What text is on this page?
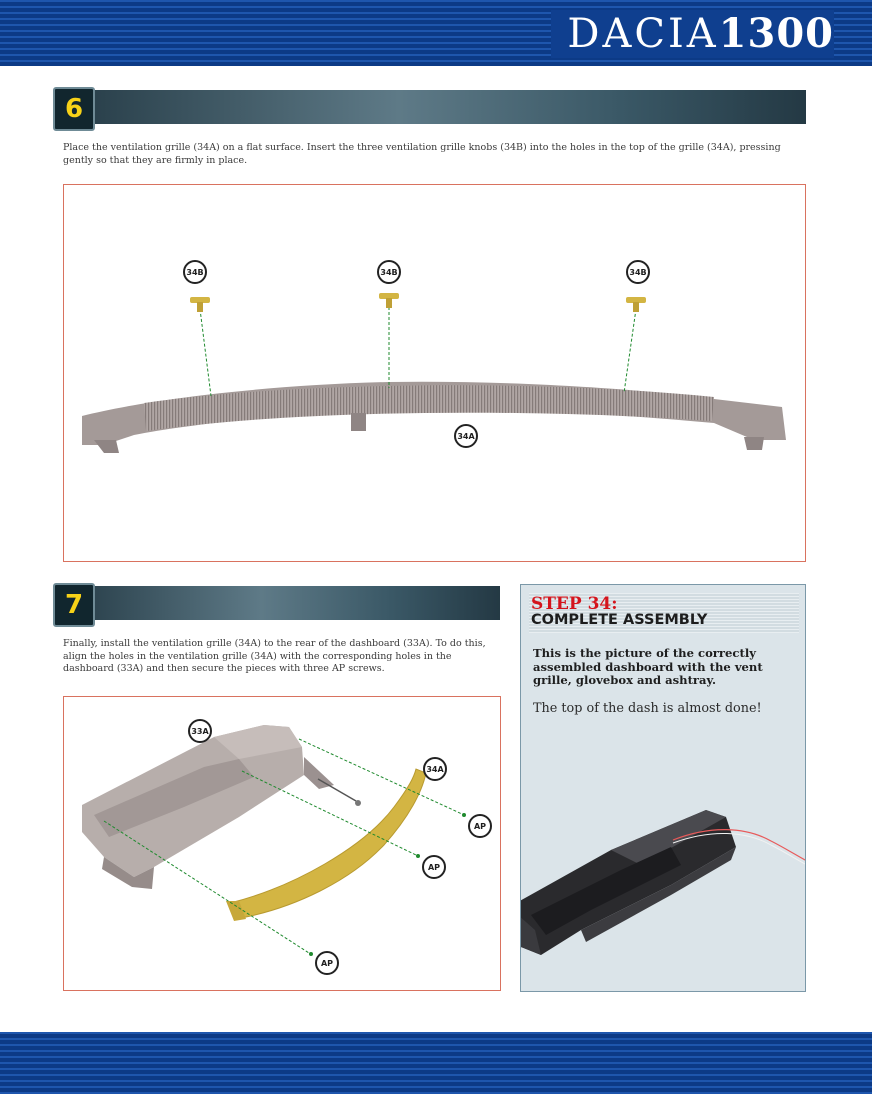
DACIA1300
6

Place the ventilation grille (34A) on a flat surface. Insert the three ventilation grille knobs (34B) into the holes in the top of the grille (34A), pressing gently so that they are firmly in place.

34B	34B	34B
34A
7

Finally, install the ventilation grille (34A) to the rear of the dashboard (33A). To do this, align the holes in the ventilation grille (34A) with the corresponding holes in the dashboard (33A) and then secure the pieces with three AP screws.

33A
34A
AP
AP
AP
STEP 34:
COMPLETE ASSEMBLY

This is the picture of the correctly assembled dashboard with the vent grille, glovebox and ashtray.

The top of the dash is almost done!
